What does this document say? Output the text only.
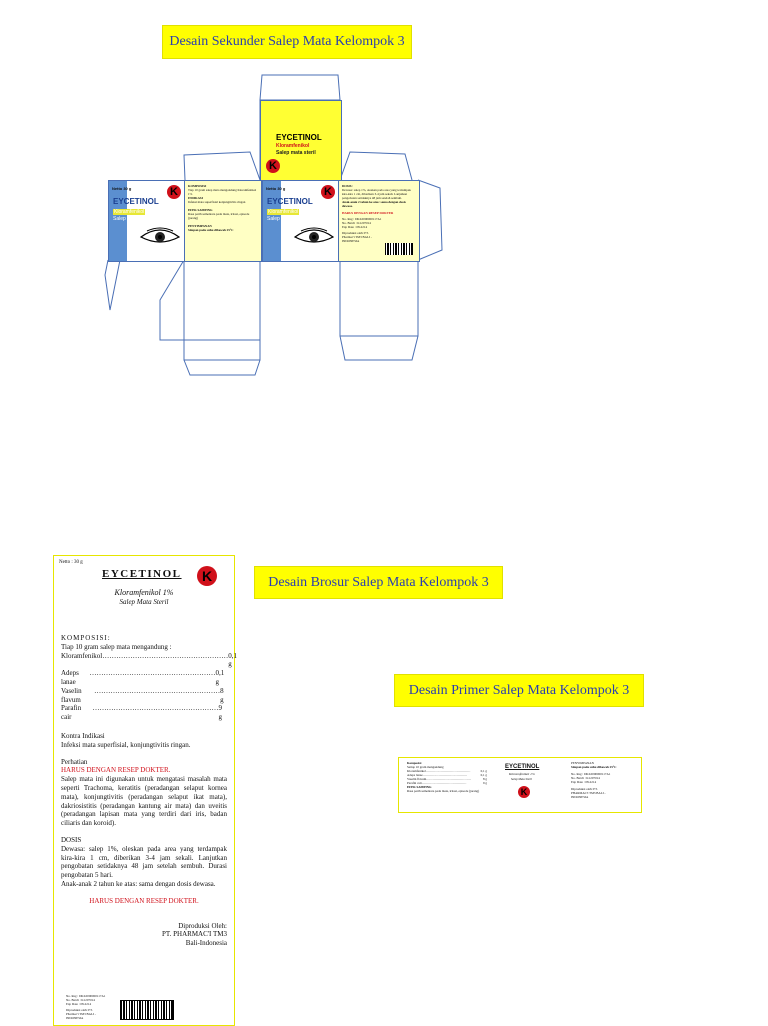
Desain Sekunder Salep Mata Kelompok 3
EYCETINOL
Kloramfenikol
Salep mata steril
K
Netto 30 g	K
EYCETINOL
Kloramfenikol
Salep mata steril
KOMPOSISI
Tiap 10 gram salep mata mengandung Kloramfenikol 1%
INDIKASI
Infeksi mata superfisial konjungtivitis ringan
EFEK SAMPING
Rasa perih sementara pada mata, iritasi, episode (jarang)
PENYIMPANAN
Simpan pada suhu dibawah 25°C
Netto 30 g	K
EYCETINOL
Kloramfenikol
Salep mata steril
DOSIS:
Dewasa: salep 1%, oleskan pada area yang terdampak kira-kira 1 cm, diberikan 3-4 jam sekali. Lanjutkan pengobatan setidaknya 48 jam setelah sembuh.
Anak-anak 2 tahun ke atas: sama dengan dosis dewasa.
HARUS DENGAN RESEP DOKTER
No. Reg : DKL0000000117A1
No. Batch : K1207014
Exp Date : 08-2214
Diproduksi oleh: PT. Pharmac'i TM3 BALI - INDONESIA
Netto : 30 g
EYCETINOL	K
Kloramfenikol 1%
Salep Mata Steril
KOMPOSISI:
Tiap 10 gram salep mata mengandung :
Kloramfenikol ……………………………………………… 0,1 g
Adeps lanae
……………………………………………… 0,1 g
Vaselin flavum
……………………………………………… 8 g
Parafin cair
……………………………………………… 9 g
Kontra Indikasi
Infeksi mata superfisial, konjungtivitis ringan.
Perhatian
HARUS DENGAN RESEP DOKTER.
Salep mata ini digunakan untuk mengatasi masalah mata seperti Trachoma, keratitis (peradangan selaput kornea mata), konjungtivitis (peradangan selaput ikat mata), dakriosistitis (peradangan kantung air mata) dan uveitis (peradangan lapisan mata yang terdiri dari iris, badan ciliaris dan koroid).
DOSIS
Dewasa: salep 1%, oleskan pada area yang terdampak kira-kira 1 cm, diberikan 3-4 jam sekali. Lanjutkan pengobatan setidaknya 48 jam setelah sembuh. Durasi pengobatan 5 hari.
Anak-anak 2 tahun ke atas: sama dengan dosis dewasa.
HARUS DENGAN RESEP DOKTER.
Diproduksi Oleh:
PT. PHARMAC'I TM3
Bali-Indonesia
No. Reg : DKL0000000117A1
No. Batch : K1207014
Exp Date : 08-2214
Diproduksi oleh: PT. Pharmac'i TM3 BALI - INDONESIA
Desain Brosur Salep Mata Kelompok 3
Desain Primer Salep Mata Kelompok 3
Komposisi
Setiap 10 gram mengandung
Kloramfenikol ……………………………………	0,1 g
Adeps lanae ……………………………………	0,1 g
Vaselin flavum ……………………………………	8 g
Parafin cair ……………………………………	9 g
EFEK SAMPING
Rasa perih sementara pada mata, iritasi, episode (jarang)
EYCETINOL
Kloramfenikol 1%
Salep Mata Steril
K
PENYIMPANAN
Simpan pada suhu dibawah 25°C
No. Reg : DKL0000000117A1
No. Batch : K1207014
Exp Date : 08-2214
Diproduksi oleh: PT. PHARMAC'I TM3 BALI - INDONESIA
